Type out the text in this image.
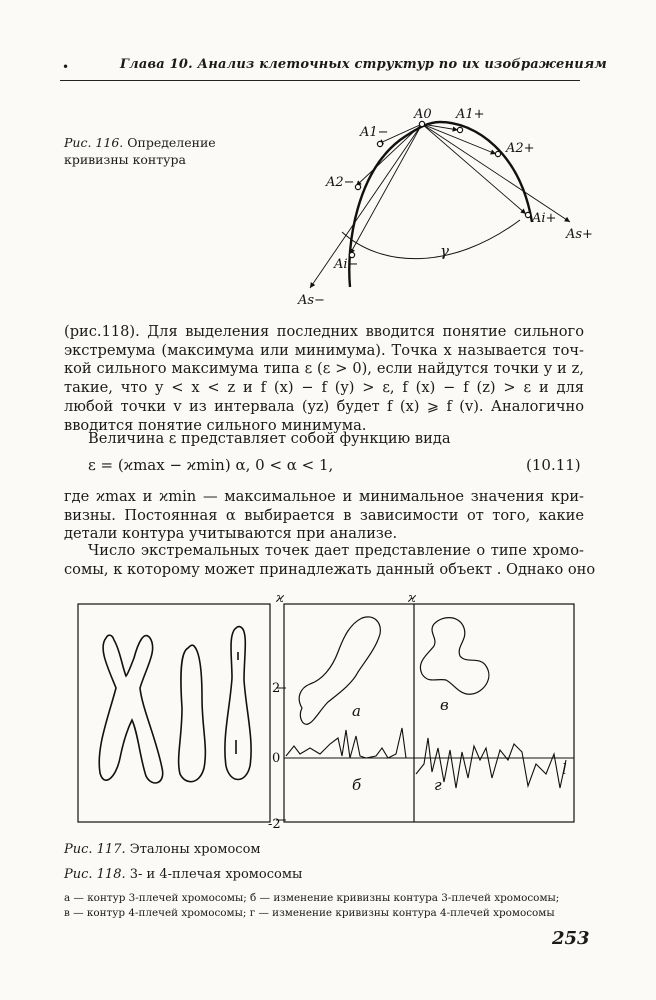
•	Глава 10. Анализ клеточных структур по их изображениям
Рис. 116. Определение кривизны контура
A0 A1+
A1−
A2+
A2−
Ai+
Ai−
As+
As−
γ
(рис.118). Для выделения последних вводится понятие сильного
экстремума (максимума или минимума). Точка x называется точ-
кой сильного максимума типа ε (ε > 0), если найдутся точки y и z,
такие, что y < x < z и f (x) − f (y) > ε, f (x) − f (z) > ε и для
любой точки v из интервала (yz) будет f (x) ⩾ f (v). Аналогично
вводится понятие сильного минимума.
Величина ε представляет собой функцию вида
ε = (ϰmax − ϰmin) α, 0 < α < 1,	(10.11)
где ϰmax и ϰmin — максимальное и минимальное значения кри-
визны. Постоянная α выбирается в зависимости от того, какие
детали контура учитываются при анализе.
Число экстремальных точек дает представление о типе хромо-
сомы, к которому может принадлежать данный объект . Однако оно
ϰ	ϰ
2
0
-2
а
б
в
г
l
Рис. 117. Эталоны хромосом
Рис. 118. 3- и 4-плечая хромосомы
а — контур 3-плечей хромосомы; б — изменение кривизны контура 3-плечей хромосомы;
в — контур 4-плечей хромосомы; г — изменение кривизны контура 4-плечей хромосомы
253
